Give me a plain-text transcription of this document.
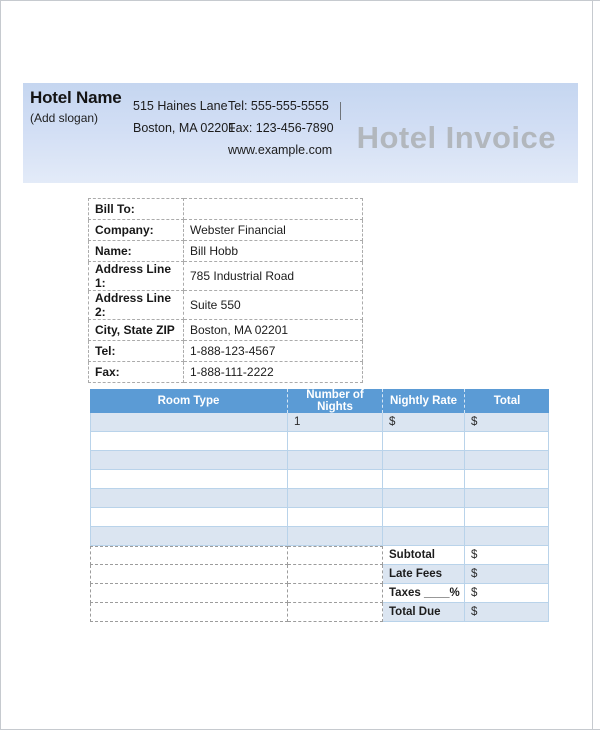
Hotel Name
(Add slogan)
515 Haines Lane
Boston, MA 02201
Tel: 555-555-5555
Fax: 123-456-7890
www.example.com Hotel Invoice
Bill To:	
Company:	Webster Financial
Name:	Bill Hobb
Address Line 1:	785 Industrial Road
Address Line 2:	Suite 550
City, State ZIP	Boston, MA 02201
Tel:	1-888-123-4567
Fax:	1-888-111-2222
Room Type	Number of Nights	Nightly Rate	Total
	1	$	$

		Subtotal	$
		Late Fees	$
		Taxes ____%	$
		Total Due	$
